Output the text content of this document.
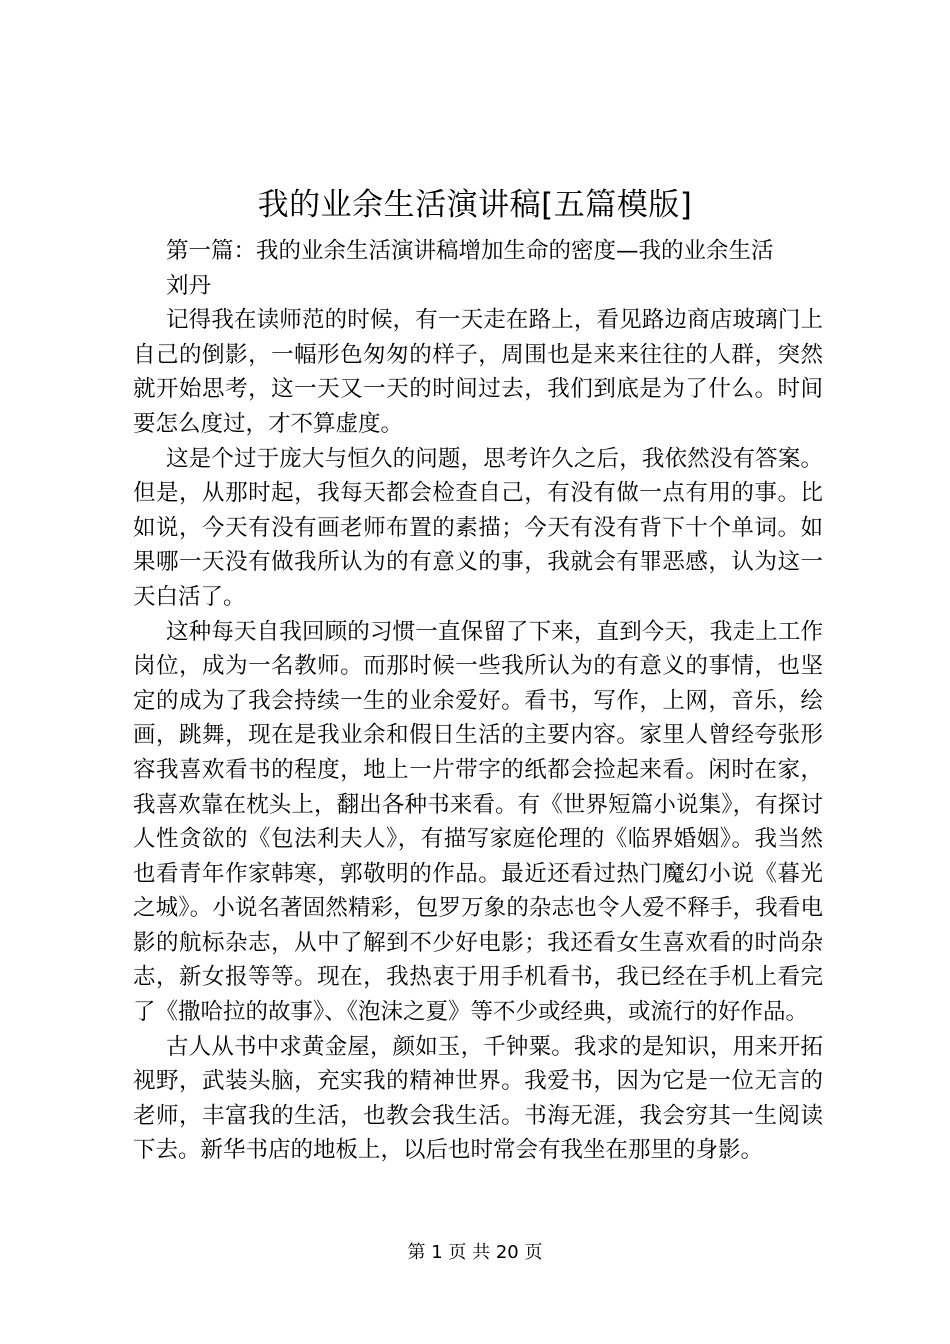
我的业余生活演讲稿[五篇模版]

第一篇：我的业余生活演讲稿增加生命的密度—我的业余生活

刘丹

记得我在读师范的时候，有一天走在路上，看见路边商店玻璃门上自己的倒影，一幅形色匆匆的样子，周围也是来来往往的人群，突然就开始思考，这一天又一天的时间过去，我们到底是为了什么。时间要怎么度过，才不算虚度。

这是个过于庞大与恒久的问题，思考许久之后，我依然没有答案。但是，从那时起，我每天都会检查自己，有没有做一点有用的事。比如说，今天有没有画老师布置的素描；今天有没有背下十个单词。如果哪一天没有做我所认为的有意义的事，我就会有罪恶感，认为这一天白活了。

这种每天自我回顾的习惯一直保留了下来，直到今天，我走上工作岗位，成为一名教师。而那时候一些我所认为的有意义的事情，也坚定的成为了我会持续一生的业余爱好。看书，写作，上网，音乐，绘画，跳舞，现在是我业余和假日生活的主要内容。家里人曾经夸张形容我喜欢看书的程度，地上一片带字的纸都会捡起来看。闲时在家，我喜欢靠在枕头上，翻出各种书来看。有《世界短篇小说集》，有探讨人性贪欲的《包法利夫人》，有描写家庭伦理的《临界婚姻》。我当然也看青年作家韩寒，郭敬明的作品。最近还看过热门魔幻小说《暮光之城》。小说名著固然精彩，包罗万象的杂志也令人爱不释手，我看电影的航标杂志，从中了解到不少好电影；我还看女生喜欢看的时尚杂志，新女报等等。现在，我热衷于用手机看书，我已经在手机上看完了《撒哈拉的故事》、《泡沫之夏》等不少或经典，或流行的好作品。

古人从书中求黄金屋，颜如玉，千钟粟。我求的是知识，用来开拓视野，武装头脑，充实我的精神世界。我爱书，因为它是一位无言的老师，丰富我的生活，也教会我生活。书海无涯，我会穷其一生阅读下去。新华书店的地板上，以后也时常会有我坐在那里的身影。

第 1 页 共 20 页
